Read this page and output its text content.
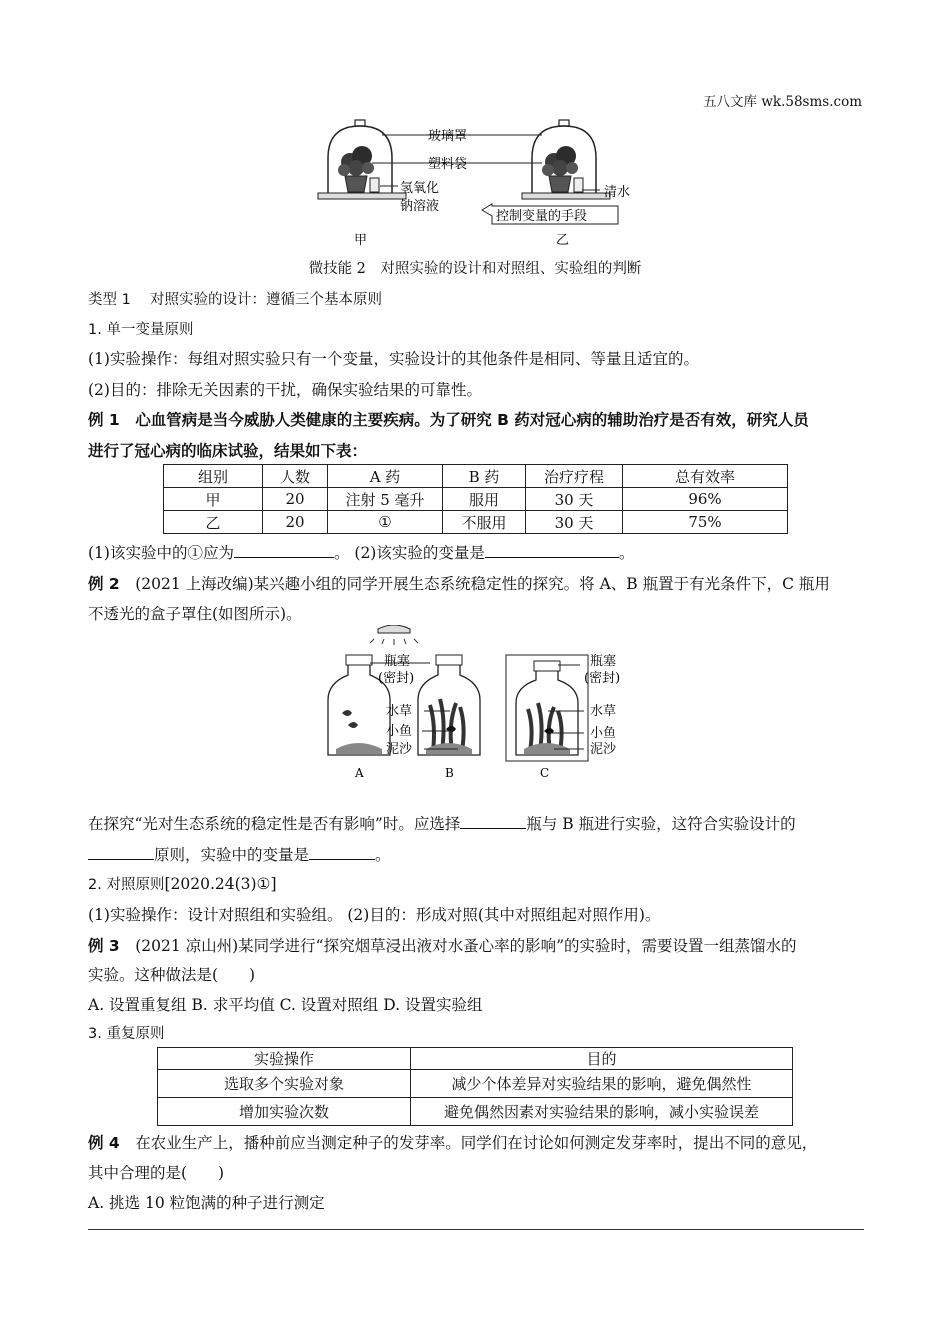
五八文库 wk.58sms.com
玻璃罩
塑料袋
氢氧化
钠溶液
清水
控制变量的手段
甲	乙
微技能 2　对照实验的设计和对照组、实验组的判断
类型 1　 对照实验的设计：遵循三个基本原则
1. 单一变量原则
(1)实验操作：每组对照实验只有一个变量，实验设计的其他条件是相同、等量且适宜的。
(2)目的：排除无关因素的干扰，确保实验结果的可靠性。
例 1　心血管病是当今威胁人类健康的主要疾病。为了研究 B 药对冠心病的辅助治疗是否有效，研究人员
进行了冠心病的临床试验，结果如下表：
组别	人数	A 药	B 药	治疗疗程	总有效率
甲	20	注射 5 毫升	服用	30 天	96%
乙	20	①	不服用	30 天	75%
(1)该实验中的①应为	。 (2)该实验的变量是	。
例 2　(2021 上海改编)某兴趣小组的同学开展生态系统稳定性的探究。将 A、B 瓶置于有光条件下，C 瓶用
不透光的盒子罩住(如图所示)。
瓶塞
(密封)
瓶塞
(密封)
水草
小鱼
泥沙
水草
小鱼
泥沙
A	B	C
在探究“光对生态系统的稳定性是否有影响”时。应选择	瓶与 B 瓶进行实验，这符合实验设计的
原则，实验中的变量是	。
2. 对照原则[2020.24(3)①]
(1)实验操作：设计对照组和实验组。 (2)目的：形成对照(其中对照组起对照作用)。
例 3　(2021 凉山州)某同学进行“探究烟草浸出液对水蚤心率的影响”的实验时，需要设置一组蒸馏水的
实验。这种做法是(　　)
A. 设置重复组 B. 求平均值 C. 设置对照组 D. 设置实验组
3. 重复原则
实验操作	目的
选取多个实验对象	减少个体差异对实验结果的影响，避免偶然性
增加实验次数	避免偶然因素对实验结果的影响，减小实验误差
例 4　在农业生产上，播种前应当测定种子的发芽率。同学们在讨论如何测定发芽率时，提出不同的意见，
其中合理的是(　　)
A. 挑选 10 粒饱满的种子进行测定
